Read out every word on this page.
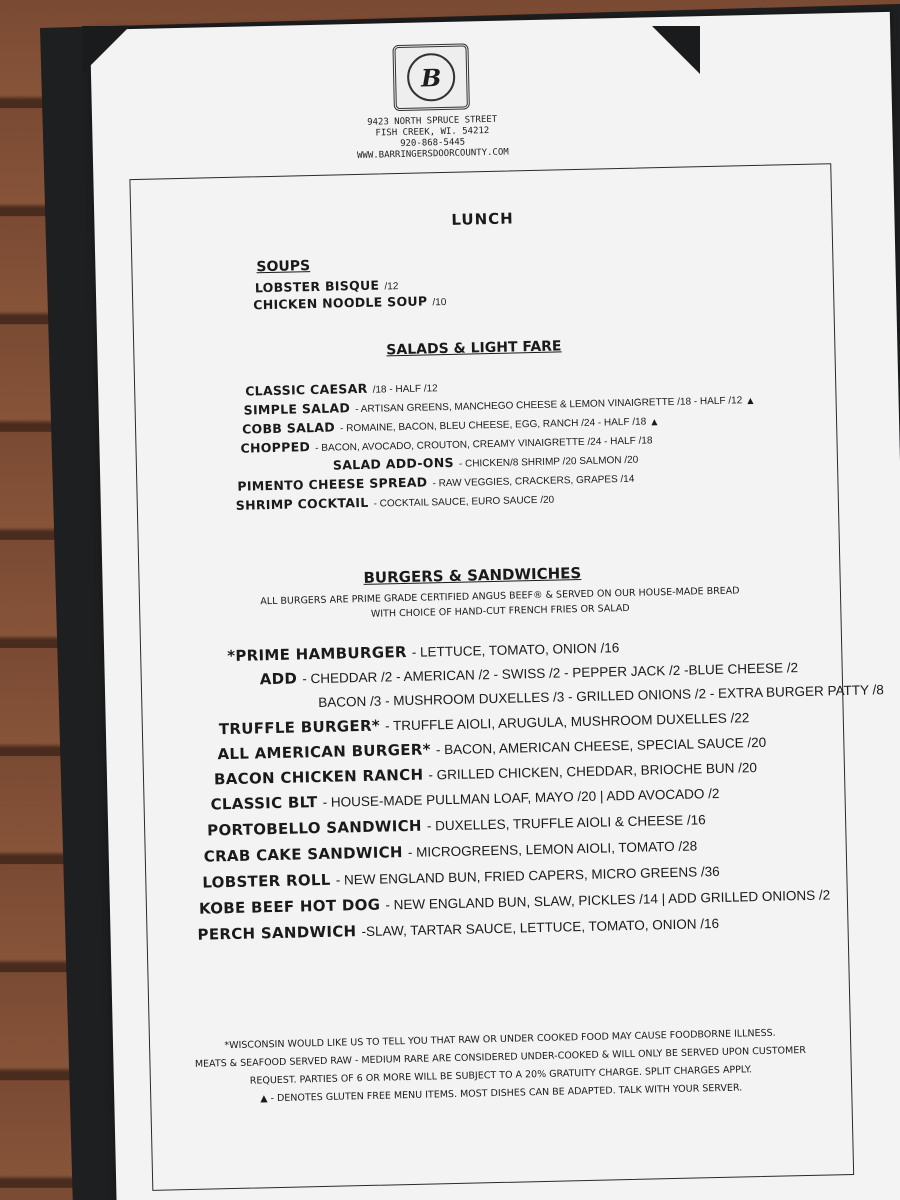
B
9423 NORTH SPRUCE STREET
FISH CREEK, WI. 54212
920-868-5445
WWW.BARRINGERSDOORCOUNTY.COM
LUNCH
SOUPS
LOBSTER BISQUE /12
CHICKEN NOODLE SOUP /10
SALADS & LIGHT FARE
CLASSIC CAESAR /18 - HALF /12
SIMPLE SALAD - ARTISAN GREENS, MANCHEGO CHEESE & LEMON VINAIGRETTE /18 - HALF /12 ▲
COBB SALAD - ROMAINE, BACON, BLEU CHEESE, EGG, RANCH /24 - HALF /18 ▲
CHOPPED - BACON, AVOCADO, CROUTON, CREAMY VINAIGRETTE /24 - HALF /18
SALAD ADD-ONS - CHICKEN/8 SHRIMP /20 SALMON /20
PIMENTO CHEESE SPREAD - RAW VEGGIES, CRACKERS, GRAPES /14
SHRIMP COCKTAIL - COCKTAIL SAUCE, EURO SAUCE /20
BURGERS & SANDWICHES
ALL BURGERS ARE PRIME GRADE CERTIFIED ANGUS BEEF® & SERVED ON OUR HOUSE-MADE BREAD
WITH CHOICE OF HAND-CUT FRENCH FRIES OR SALAD
*PRIME HAMBURGER - LETTUCE, TOMATO, ONION /16
ADD - CHEDDAR /2 - AMERICAN /2 - SWISS /2 - PEPPER JACK /2 -BLUE CHEESE /2
BACON /3 - MUSHROOM DUXELLES /3 - GRILLED ONIONS /2 - EXTRA BURGER PATTY /8
TRUFFLE BURGER* - TRUFFLE AIOLI, ARUGULA, MUSHROOM DUXELLES /22
ALL AMERICAN BURGER* - BACON, AMERICAN CHEESE, SPECIAL SAUCE /20
BACON CHICKEN RANCH - GRILLED CHICKEN, CHEDDAR, BRIOCHE BUN /20
CLASSIC BLT - HOUSE-MADE PULLMAN LOAF, MAYO /20 | ADD AVOCADO /2
PORTOBELLO SANDWICH - DUXELLES, TRUFFLE AIOLI & CHEESE /16
CRAB CAKE SANDWICH - MICROGREENS, LEMON AIOLI, TOMATO /28
LOBSTER ROLL - NEW ENGLAND BUN, FRIED CAPERS, MICRO GREENS /36
KOBE BEEF HOT DOG - NEW ENGLAND BUN, SLAW, PICKLES /14 | ADD GRILLED ONIONS /2
PERCH SANDWICH -SLAW, TARTAR SAUCE, LETTUCE, TOMATO, ONION /16
*WISCONSIN WOULD LIKE US TO TELL YOU THAT RAW OR UNDER COOKED FOOD MAY CAUSE FOODBORNE ILLNESS.
MEATS & SEAFOOD SERVED RAW - MEDIUM RARE ARE CONSIDERED UNDER-COOKED & WILL ONLY BE SERVED UPON CUSTOMER
REQUEST. PARTIES OF 6 OR MORE WILL BE SUBJECT TO A 20% GRATUITY CHARGE. SPLIT CHARGES APPLY.
▲ - DENOTES GLUTEN FREE MENU ITEMS. MOST DISHES CAN BE ADAPTED. TALK WITH YOUR SERVER.
